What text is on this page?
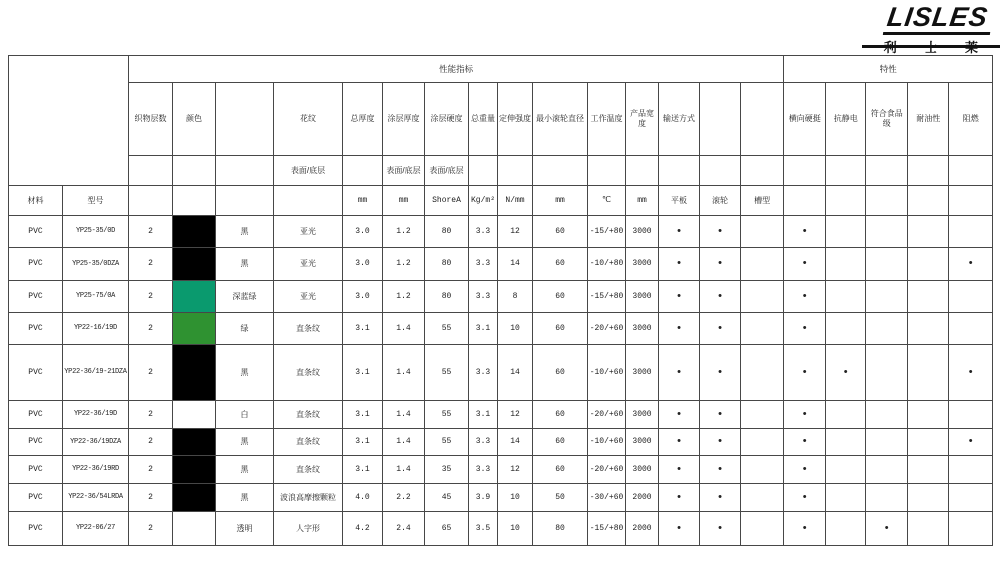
LISLES
		性能指标															特性				
		织物层数	颜色		花纹	总厚度	涂层厚度	涂层硬度	总重量	定伸强度	最小滚轮直径	工作温度	产品宽度	输送方式			横向硬挺	抗静电	符合食品级	耐油性	阻燃
					表面/底层		表面/底层	表面/底层													
材料	型号					mm	mm	ShoreA	Kg/m²	N/mm	mm	℃	mm	平板	滚轮	槽型					
PVC	YP25-35/0D	2		黑	亚光	3.0	1.2	80	3.3	12	60	-15/+80	3000	•	•		•				
PVC	YP25-35/0DZA	2		黑	亚光	3.0	1.2	80	3.3	14	60	-10/+80	3000	•	•		•				•
PVC	YP25-75/0A	2		深蓝绿	亚光	3.0	1.2	80	3.3	8	60	-15/+80	3000	•	•		•				
PVC	YP22-16/19D	2		绿	直条纹	3.1	1.4	55	3.1	10	60	-20/+60	3000	•	•		•				
PVC	YP22-36/19-21DZA	2		黑	直条纹	3.1	1.4	55	3.3	14	60	-10/+60	3000	•	•		•	•			•
PVC	YP22-36/19D	2		白	直条纹	3.1	1.4	55	3.1	12	60	-20/+60	3000	•	•		•				
PVC	YP22-36/19DZA	2		黑	直条纹	3.1	1.4	55	3.3	14	60	-10/+60	3000	•	•		•				•
PVC	YP22-36/19RD	2		黑	直条纹	3.1	1.4	35	3.3	12	60	-20/+60	3000	•	•		•				
PVC	YP22-36/54LRDA	2		黑	波浪高摩擦颗粒	4.0	2.2	45	3.9	10	50	-30/+60	2000	•	•		•				
PVC	YP22-06/27	2		透明	人字形	4.2	2.4	65	3.5	10	80	-15/+80	2000	•	•		•		•		
